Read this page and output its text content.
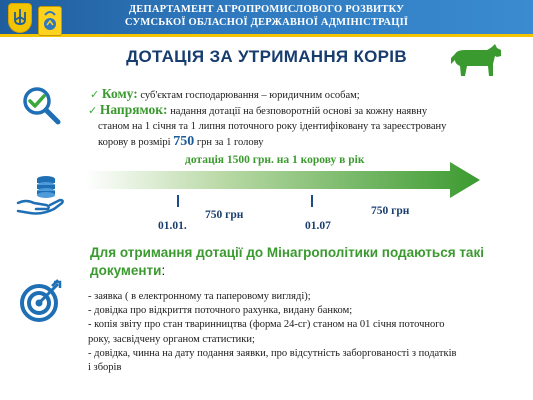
ДЕПАРТАМЕНТ АГРОПРОМИСЛОВОГО РОЗВИТКУ
СУМСЬКОЇ ОБЛАСНОЇ ДЕРЖАВНОЇ АДМІНІСТРАЦІЇ
ДОТАЦІЯ ЗА УТРИМАННЯ КОРІВ
✓ Кому: суб'єктам господарювання – юридичним особам;
✓ Напрямок: надання дотації на безповоротній основі за кожну наявну
станом на 1 січня та 1 липня поточного року ідентифіковану та зареєстровану
корову в розмірі 750 грн за 1 голову
дотація 1500 грн. на 1 корову в рік
01.01.	01.07
750 грн	750 грн
Для отримання дотації до Мінагрополітики подаються такі документи:
- заявка ( в електронному та паперовому вигляді);
- довідка про відкриття поточного рахунка, видану банком;
- копія звіту про стан тваринництва (форма 24-сг) станом на 01 січня поточного
року, засвідчену органом статистики;
- довідка, чинна на дату подання заявки, про відсутність заборгованості з податків
і зборів
